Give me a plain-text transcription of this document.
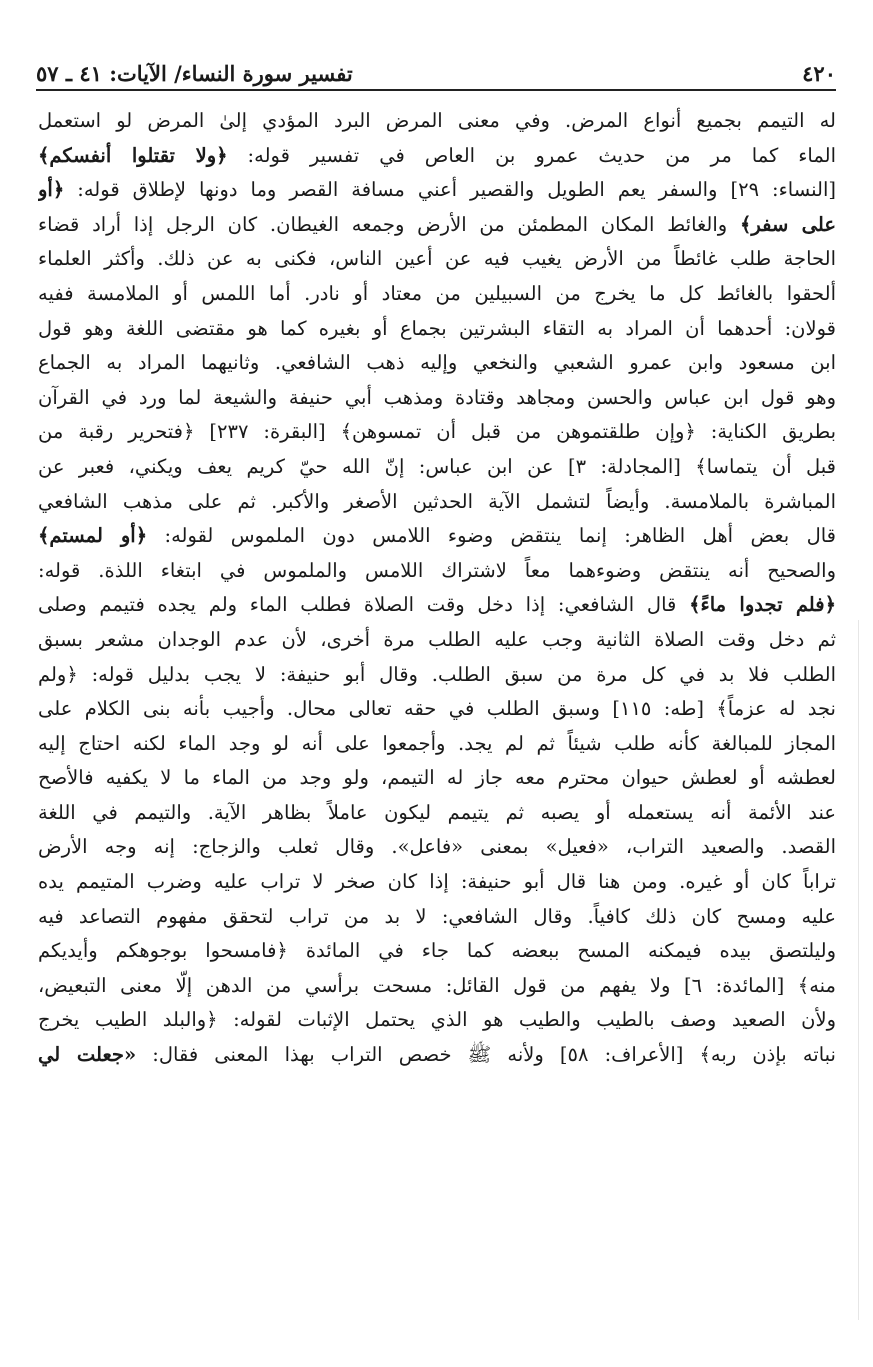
٤٢٠
تفسير سورة النساء/ الآيات: ٤١ ـ ٥٧
له التيمم بجميع أنواع المرض. وفي معنى المرض البرد المؤدي إلىٰ المرض لو استعمل
الماء كما مر من حديث عمرو بن العاص في تفسير قوله: ﴿ولا تقتلوا أنفسكم﴾
[النساء: ٢٩] والسفر يعم الطويل والقصير أعني مسافة القصر وما دونها لإطلاق قوله: ﴿أو
على سفر﴾ والغائط المكان المطمئن من الأرض وجمعه الغيطان. كان الرجل إذا أراد قضاء
الحاجة طلب غائطاً من الأرض يغيب فيه عن أعين الناس، فكنى به عن ذلك. وأكثر العلماء
ألحقوا بالغائط كل ما يخرج من السبيلين من معتاد أو نادر. أما اللمس أو الملامسة ففيه
قولان: أحدهما أن المراد به التقاء البشرتين بجماع أو بغيره كما هو مقتضى اللغة وهو قول
ابن مسعود وابن عمرو الشعبي والنخعي وإليه ذهب الشافعي. وثانيهما المراد به الجماع
وهو قول ابن عباس والحسن ومجاهد وقتادة ومذهب أبي حنيفة والشيعة لما ورد في القرآن
بطريق الكناية: ﴿وإن طلقتموهن من قبل أن تمسوهن﴾ [البقرة: ٢٣٧] ﴿فتحرير رقبة من
قبل أن يتماسا﴾ [المجادلة: ٣] عن ابن عباس: إنّ الله حيّ كريم يعف ويكني، فعبر عن
المباشرة بالملامسة. وأيضاً لتشمل الآية الحدثين الأصغر والأكبر. ثم على مذهب الشافعي
قال بعض أهل الظاهر: إنما ينتقض وضوء اللامس دون الملموس لقوله: ﴿أو لمستم﴾
والصحيح أنه ينتقض وضوءهما معاً لاشتراك اللامس والملموس في ابتغاء اللذة. قوله:
﴿فلم تجدوا ماءً﴾ قال الشافعي: إذا دخل وقت الصلاة فطلب الماء ولم يجده فتيمم وصلى
ثم دخل وقت الصلاة الثانية وجب عليه الطلب مرة أخرى، لأن عدم الوجدان مشعر بسبق
الطلب فلا بد في كل مرة من سبق الطلب. وقال أبو حنيفة: لا يجب بدليل قوله: ﴿ولم
نجد له عزماً﴾ [طه: ١١٥] وسبق الطلب في حقه تعالى محال. وأجيب بأنه بنى الكلام على
المجاز للمبالغة كأنه طلب شيئاً ثم لم يجد. وأجمعوا على أنه لو وجد الماء لكنه احتاج إليه
لعطشه أو لعطش حيوان محترم معه جاز له التيمم، ولو وجد من الماء ما لا يكفيه فالأصح
عند الأئمة أنه يستعمله أو يصبه ثم يتيمم ليكون عاملاً بظاهر الآية. والتيمم في اللغة
القصد. والصعيد التراب، «فعيل» بمعنى «فاعل». وقال ثعلب والزجاج: إنه وجه الأرض
تراباً كان أو غيره. ومن هنا قال أبو حنيفة: إذا كان صخر لا تراب عليه وضرب المتيمم يده
عليه ومسح كان ذلك كافياً. وقال الشافعي: لا بد من تراب لتحقق مفهوم التصاعد فيه
وليلتصق بيده فيمكنه المسح ببعضه كما جاء في المائدة ﴿فامسحوا بوجوهكم وأيديكم
منه﴾ [المائدة: ٦] ولا يفهم من قول القائل: مسحت برأسي من الدهن إلّا معنى التبعيض،
ولأن الصعيد وصف بالطيب والطيب هو الذي يحتمل الإثبات لقوله: ﴿والبلد الطيب يخرج
نباته بإذن ربه﴾ [الأعراف: ٥٨] ولأنه ﷺ خصص التراب بهذا المعنى فقال: «جعلت لي
